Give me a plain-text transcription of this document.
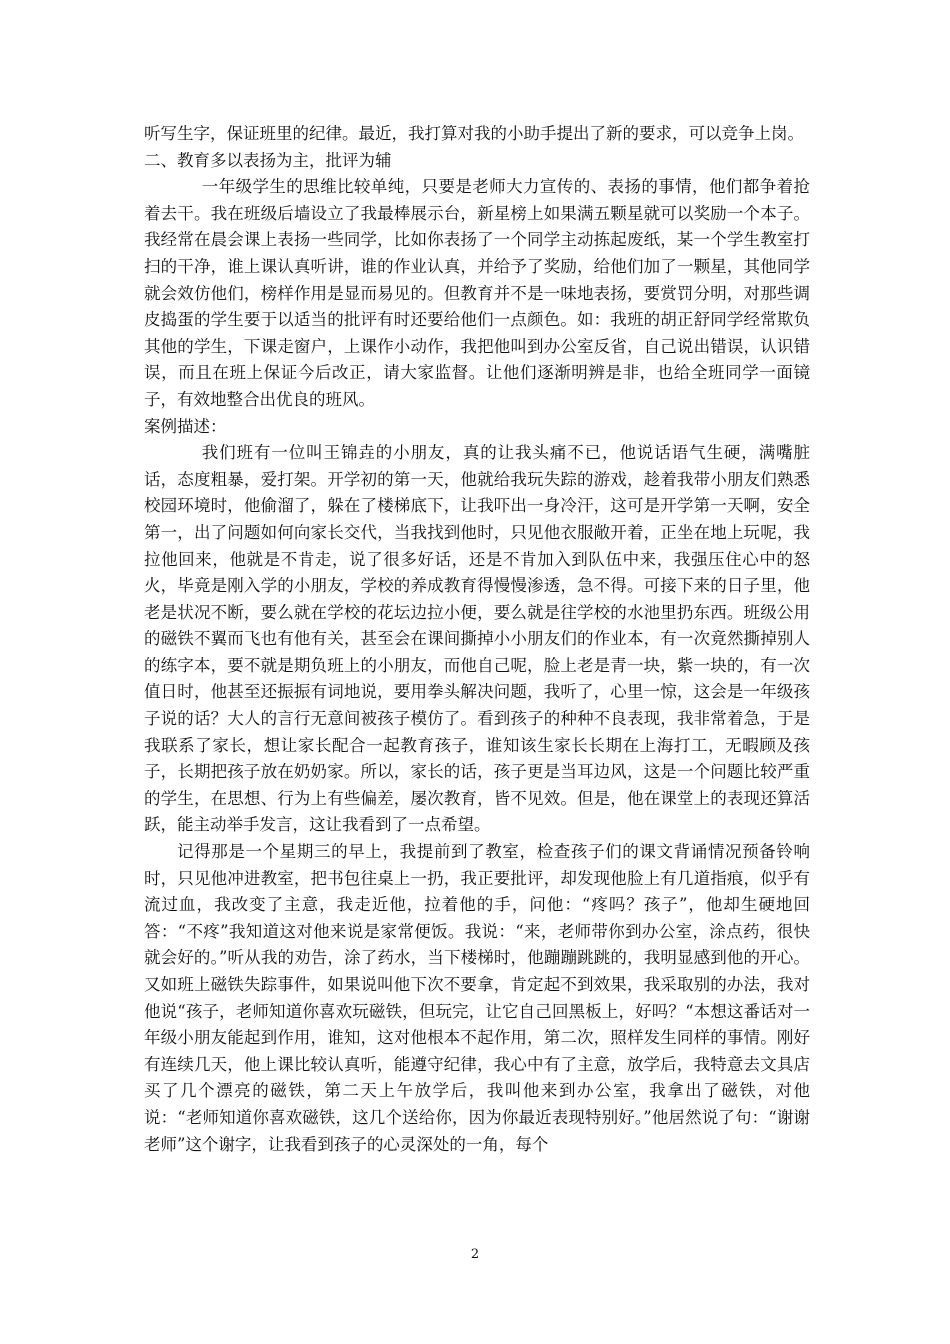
听写生字，保证班里的纪律。最近，我打算对我的小助手提出了新的要求，可以竞争上岗。

二、教育多以表扬为主，批评为辅

一年级学生的思维比较单纯，只要是老师大力宣传的、表扬的事情，他们都争着抢着去干。我在班级后墙设立了我最棒展示台，新星榜上如果满五颗星就可以奖励一个本子。我经常在晨会课上表扬一些同学，比如你表扬了一个同学主动拣起废纸，某一个学生教室打扫的干净，谁上课认真听讲，谁的作业认真，并给予了奖励，给他们加了一颗星，其他同学就会效仿他们，榜样作用是显而易见的。但教育并不是一味地表扬，要赏罚分明，对那些调皮捣蛋的学生要于以适当的批评有时还要给他们一点颜色。如：我班的胡正舒同学经常欺负其他的学生，下课走窗户，上课作小动作，我把他叫到办公室反省，自己说出错误，认识错误，而且在班上保证今后改正，请大家监督。让他们逐渐明辨是非，也给全班同学一面镜子，有效地整合出优良的班风。

案例描述：

我们班有一位叫王锦垚的小朋友，真的让我头痛不已，他说话语气生硬，满嘴脏话，态度粗暴，爱打架。开学初的第一天，他就给我玩失踪的游戏，趁着我带小朋友们熟悉校园环境时，他偷溜了，躲在了楼梯底下，让我吓出一身冷汗，这可是开学第一天啊，安全第一，出了问题如何向家长交代，当我找到他时，只见他衣服敞开着，正坐在地上玩呢，我拉他回来，他就是不肯走，说了很多好话，还是不肯加入到队伍中来，我强压住心中的怒火，毕竟是刚入学的小朋友，学校的养成教育得慢慢渗透，急不得。可接下来的日子里，他老是状况不断，要么就在学校的花坛边拉小便，要么就是往学校的水池里扔东西。班级公用的磁铁不翼而飞也有他有关，甚至会在课间撕掉小小朋友们的作业本，有一次竟然撕掉别人的练字本，要不就是期负班上的小朋友，而他自己呢，脸上老是青一块，紫一块的，有一次值日时，他甚至还振振有词地说，要用拳头解决问题，我听了，心里一惊，这会是一年级孩子说的话？大人的言行无意间被孩子模仿了。看到孩子的种种不良表现，我非常着急，于是我联系了家长，想让家长配合一起教育孩子，谁知该生家长长期在上海打工，无暇顾及孩子，长期把孩子放在奶奶家。所以，家长的话，孩子更是当耳边风，这是一个问题比较严重的学生，在思想、行为上有些偏差，屡次教育，皆不见效。但是，他在课堂上的表现还算活跃，能主动举手发言，这让我看到了一点希望。

记得那是一个星期三的早上，我提前到了教室，检查孩子们的课文背诵情况预备铃响时，只见他冲进教室，把书包往桌上一扔，我正要批评，却发现他脸上有几道指痕，似乎有流过血，我改变了主意，我走近他，拉着他的手，问他：“疼吗？孩子”，他却生硬地回答：“不疼”我知道这对他来说是家常便饭。我说：“来，老师带你到办公室，涂点药，很快就会好的。”听从我的劝告，涂了药水，当下楼梯时，他蹦蹦跳跳的，我明显感到他的开心。又如班上磁铁失踪事件，如果说叫他下次不要拿，肯定起不到效果，我采取别的办法，我对他说“孩子，老师知道你喜欢玩磁铁，但玩完，让它自己回黑板上，好吗？“本想这番话对一年级小朋友能起到作用，谁知，这对他根本不起作用，第二次，照样发生同样的事情。刚好有连续几天，他上课比较认真听，能遵守纪律，我心中有了主意，放学后，我特意去文具店买了几个漂亮的磁铁，第二天上午放学后，我叫他来到办公室，我拿出了磁铁，对他说：“老师知道你喜欢磁铁，这几个送给你，因为你最近表现特别好。”他居然说了句：“谢谢老师”这个谢字，让我看到孩子的心灵深处的一角，每个

2
